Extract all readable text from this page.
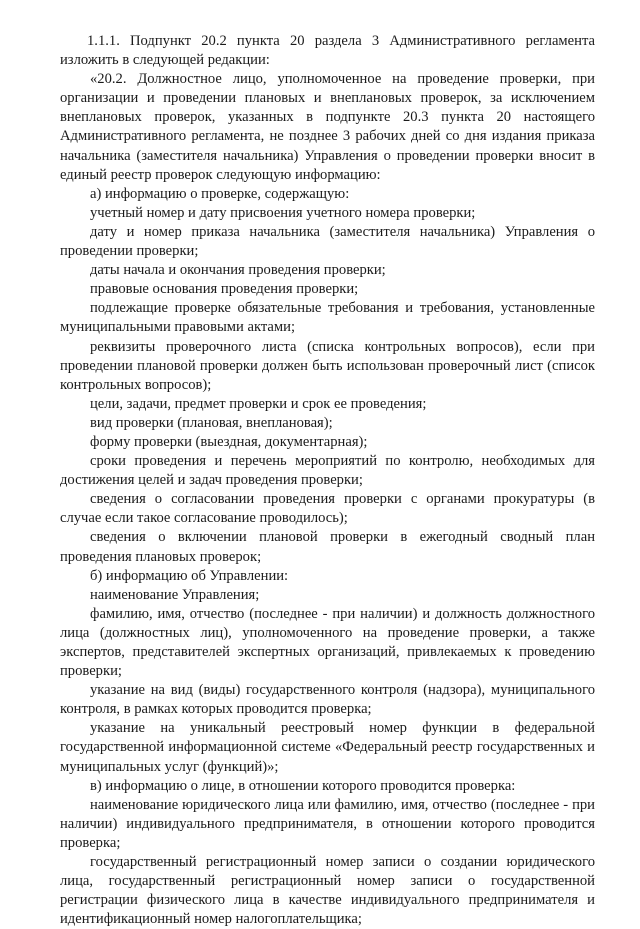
1.1.1. Подпункт 20.2 пункта 20 раздела 3 Административного регламента изложить в следующей редакции:

«20.2. Должностное лицо, уполномоченное на проведение проверки, при организации и проведении плановых и внеплановых проверок, за исключением внеплановых проверок, указанных в подпункте 20.3 пункта 20 настоящего Административного регламента, не позднее 3 рабочих дней со дня издания приказа начальника (заместителя начальника) Управления о проведении проверки вносит в единый реестр проверок следующую информацию:

а) информацию о проверке, содержащую:

учетный номер и дату присвоения учетного номера проверки;

дату и номер приказа начальника (заместителя начальника) Управления о проведении проверки;

даты начала и окончания проведения проверки;

правовые основания проведения проверки;

подлежащие проверке обязательные требования и требования, установленные муниципальными правовыми актами;

реквизиты проверочного листа (списка контрольных вопросов), если при проведении плановой проверки должен быть использован проверочный лист (список контрольных вопросов);

цели, задачи, предмет проверки и срок ее проведения;

вид проверки (плановая, внеплановая);

форму проверки (выездная, документарная);

сроки проведения и перечень мероприятий по контролю, необходимых для достижения целей и задач проведения проверки;

сведения о согласовании проведения проверки с органами прокуратуры (в случае если такое согласование проводилось);

сведения о включении плановой проверки в ежегодный сводный план проведения плановых проверок;

б) информацию об Управлении:

наименование Управления;

фамилию, имя, отчество (последнее - при наличии) и должность должностного лица (должностных лиц), уполномоченного на проведение проверки, а также экспертов, представителей экспертных организаций, привлекаемых к проведению проверки;

указание на вид (виды) государственного контроля (надзора), муниципального контроля, в рамках которых проводится проверка;

указание на уникальный реестровый номер функции в федеральной государственной информационной системе «Федеральный реестр государственных и муниципальных услуг (функций)»;

в) информацию о лице, в отношении которого проводится проверка:

наименование юридического лица или фамилию, имя, отчество (последнее - при наличии) индивидуального предпринимателя, в отношении которого проводится проверка;

государственный регистрационный номер записи о создании юридического лица, государственный регистрационный номер записи о государственной регистрации физического лица в качестве индивидуального предпринимателя и идентификационный номер налогоплательщика;
